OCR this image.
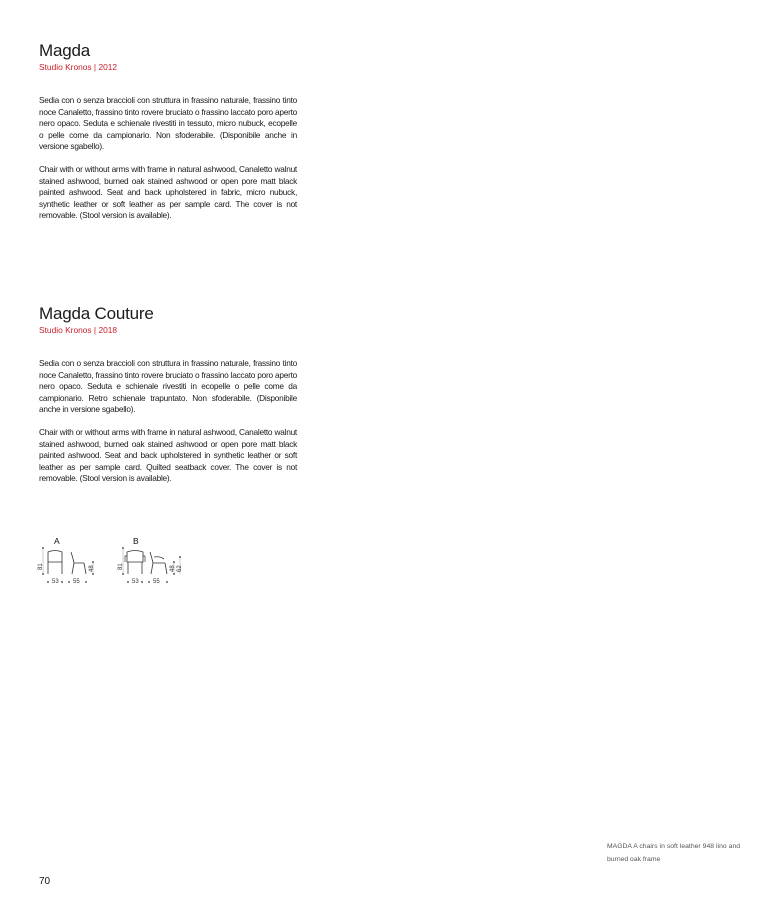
Magda
Studio Kronos | 2012

Sedia con o senza braccioli con struttura in frassino naturale, frassino tinto noce Canaletto, frassino tinto rovere bruciato o frassino laccato poro aperto nero opaco. Seduta e schienale rivestiti in tessuto, micro nubuck, ecopelle o pelle come da campionario. Non sfoderabile. (Disponibile anche in versione sgabello).

Chair with or without arms with frame in natural ashwood, Canaletto walnut stained ashwood, burned oak stained ashwood or open pore matt black painted ashwood. Seat and back upholstered in fabric, micro nubuck, synthetic leather or soft leather as per sample card. The cover is not removable. (Stool version is available).

Magda Couture
Studio Kronos | 2018

Sedia con o senza braccioli con struttura in frassino naturale, frassino tinto noce Canaletto, frassino tinto rovere bruciato o frassino laccato poro aperto nero opaco. Seduta e schienale rivestiti in ecopelle o pelle come da campionario. Retro schienale trapuntato. Non sfoderabile. (Disponibile anche in versione sgabello).

Chair with or without arms with frame in natural ashwood, Canaletto walnut stained ashwood, burned oak stained ashwood or open pore matt black painted ashwood. Seat and back upholstered in synthetic leather or soft leather as per sample card. Quilted seatback cover. The cover is not removable. (Stool version is available).

A
81	48
53 55
B
81	48 62
53 55
MAGDA A chairs in soft leather 948 lino and burned oak frame
70
